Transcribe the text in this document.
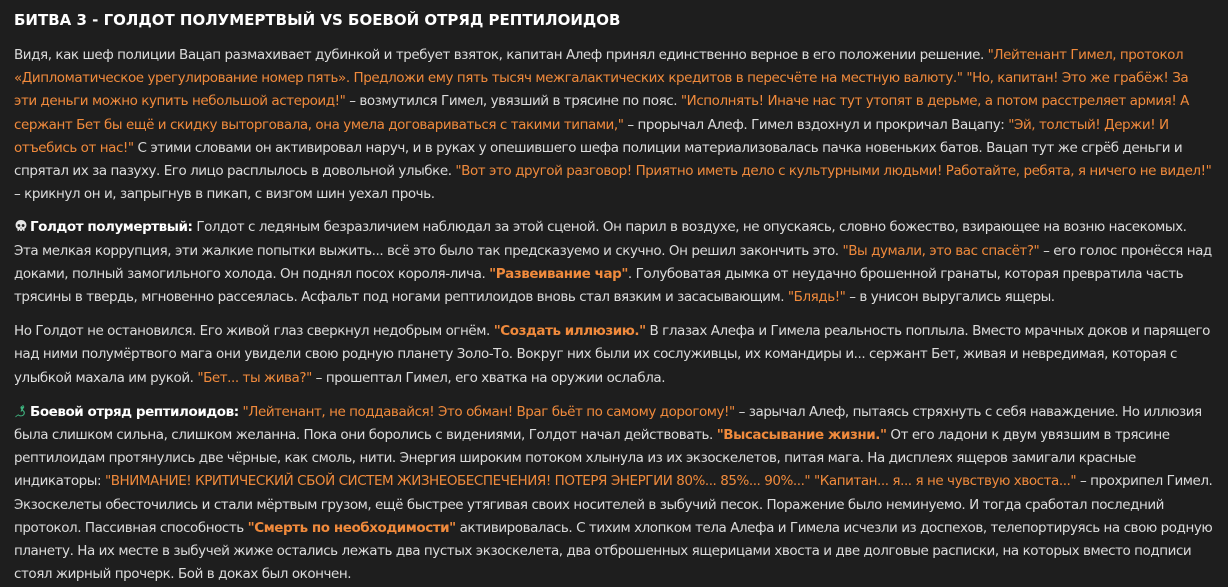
БИТВА 3 - ГОЛДОТ ПОЛУМЕРТВЫЙ VS БОЕВОЙ ОТРЯД РЕПТИЛОИДОВ

Видя, как шеф полиции Вацап размахивает дубинкой и требует взяток, капитан Алеф принял единственно верное в его положении решение. "Лейтенант Гимел, протокол «Дипломатическое урегулирование номер пять». Предложи ему пять тысяч межгалактических кредитов в пересчёте на местную валюту." "Но, капитан! Это же грабёж! За эти деньги можно купить небольшой астероид!" – возмутился Гимел, увязший в трясине по пояс. "Исполнять! Иначе нас тут утопят в дерьме, а потом расстреляет армия! А сержант Бет бы ещё и скидку выторговала, она умела договариваться с такими типами," – прорычал Алеф. Гимел вздохнул и прокричал Вацапу: "Эй, толстый! Держи! И отъебись от нас!" С этими словами он активировал наруч, и в руках у опешившего шефа полиции материализовалась пачка новеньких батов. Вацап тут же сгрёб деньги и спрятал их за пазуху. Его лицо расплылось в довольной улыбке. "Вот это другой разговор! Приятно иметь дело с культурными людьми! Работайте, ребята, я ничего не видел!" – крикнул он и, запрыгнув в пикап, с визгом шин уехал прочь.

Голдот полумертвый: Голдот с ледяным безразличием наблюдал за этой сценой. Он парил в воздухе, не опускаясь, словно божество, взирающее на возню насекомых. Эта мелкая коррупция, эти жалкие попытки выжить... всё это было так предсказуемо и скучно. Он решил закончить это. "Вы думали, это вас спасёт?" – его голос пронёсся над доками, полный замогильного холода. Он поднял посох короля-лича. "Развеивание чар". Голубоватая дымка от неудачно брошенной гранаты, которая превратила часть трясины в твердь, мгновенно рассеялась. Асфальт под ногами рептилоидов вновь стал вязким и засасывающим. "Блядь!" – в унисон выругались ящеры.

Но Голдот не остановился. Его живой глаз сверкнул недобрым огнём. "Создать иллюзию." В глазах Алефа и Гимела реальность поплыла. Вместо мрачных доков и парящего над ними полумёртвого мага они увидели свою родную планету Золо-То. Вокруг них были их сослуживцы, их командиры и... сержант Бет, живая и невредимая, которая с улыбкой махала им рукой. "Бет... ты жива?" – прошептал Гимел, его хватка на оружии ослабла.

Боевой отряд рептилоидов: "Лейтенант, не поддавайся! Это обман! Враг бьёт по самому дорогому!" – зарычал Алеф, пытаясь стряхнуть с себя наваждение. Но иллюзия была слишком сильна, слишком желанна. Пока они боролись с видениями, Голдот начал действовать. "Высасывание жизни." От его ладони к двум увязшим в трясине рептилоидам протянулись две чёрные, как смоль, нити. Энергия широким потоком хлынула из их экзоскелетов, питая мага. На дисплеях ящеров замигали красные индикаторы: "ВНИМАНИЕ! КРИТИЧЕСКИЙ СБОЙ СИСТЕМ ЖИЗНЕОБЕСПЕЧЕНИЯ! ПОТЕРЯ ЭНЕРГИИ 80%... 85%... 90%..." "Капитан... я... я не чувствую хвоста..." – прохрипел Гимел. Экзоскелеты обесточились и стали мёртвым грузом, ещё быстрее утягивая своих носителей в зыбучий песок. Поражение было неминуемо. И тогда сработал последний протокол. Пассивная способность "Смерть по необходимости" активировалась. С тихим хлопком тела Алефа и Гимела исчезли из доспехов, телепортируясь на свою родную планету. На их месте в зыбучей жиже остались лежать два пустых экзоскелета, два отброшенных ящерицами хвоста и две долговые расписки, на которых вместо подписи стоял жирный прочерк. Бой в доках был окончен.
